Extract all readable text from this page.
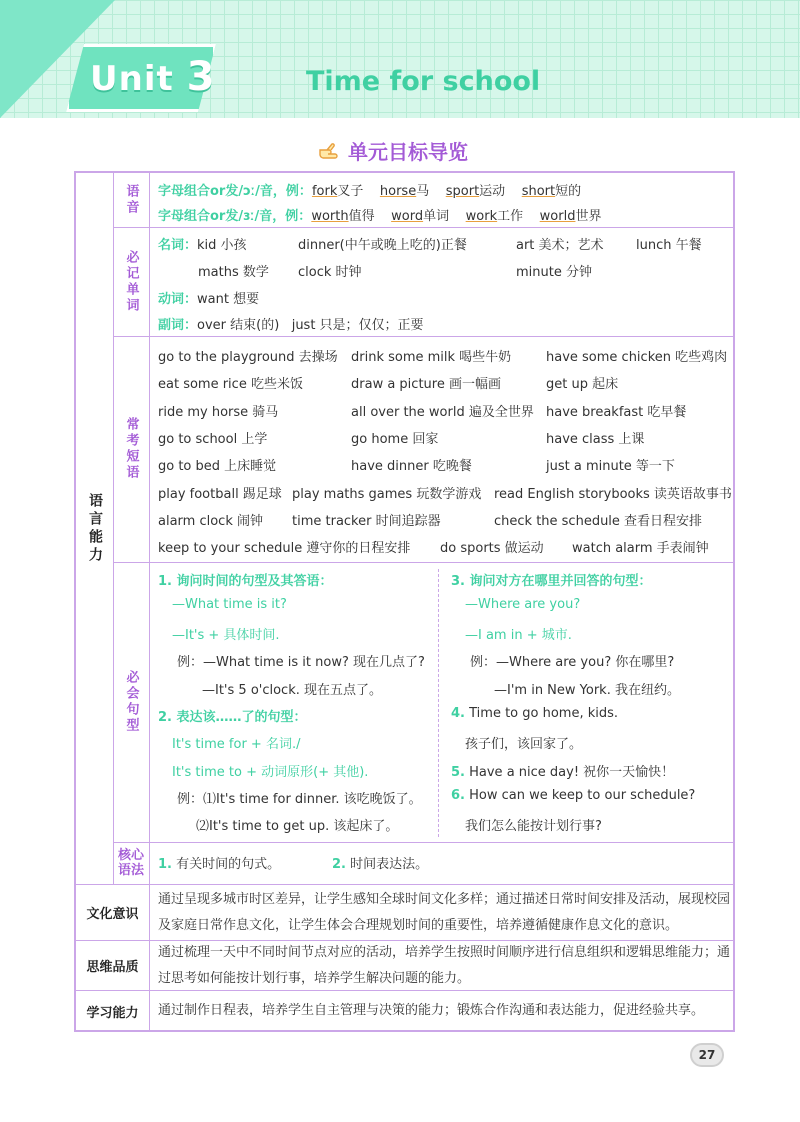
Unit 3	Time for school
单元目标导览
语言能力
语音 字母组合or发/ɔː/音，例：fork叉子 horse马 sport运动 short短的
字母组合or发/ɜː/音，例：worth值得 word单词 work工作 world世界
必记单词
名词：kid 小孩	dinner(中午或晚上吃的)正餐	art 美术；艺术 lunch 午餐
maths 数学 clock 时钟	minute 分钟
动词：want 想要
副词：over 结束(的) just 只是；仅仅；正要
常考短语
go to the playground 去操场 drink some milk 喝些牛奶	have some chicken 吃些鸡肉
eat some rice 吃些米饭	draw a picture 画一幅画	get up 起床
ride my horse 骑马	all over the world 遍及全世界 have breakfast 吃早餐
go to school 上学	go home 回家	have class 上课
go to bed 上床睡觉	have dinner 吃晚餐	just a minute 等一下
play football 踢足球 play maths games 玩数学游戏 read English storybooks 读英语故事书
alarm clock 闹钟 time tracker 时间追踪器	check the schedule 查看日程安排
keep to your schedule 遵守你的日程安排 do sports 做运动 watch alarm 手表闹钟
必会句型
1. 询问时间的句型及其答语：
—What time is it?
—It's + 具体时间.
例：—What time is it now? 现在几点了?
—It's 5 o'clock. 现在五点了。
2. 表达该……了的句型：
It's time for + 名词./
It's time to + 动词原形(+ 其他).
例：⑴It's time for dinner. 该吃晚饭了。
⑵It's time to get up. 该起床了。
3. 询问对方在哪里并回答的句型：
—Where are you?
—I am in + 城市.
例：—Where are you? 你在哪里?
—I'm in New York. 我在纽约。
4. Time to go home, kids.
孩子们，该回家了。
5. Have a nice day! 祝你一天愉快！
6. How can we keep to our schedule?
我们怎么能按计划行事?
核心语法 1. 有关时间的句式。	2. 时间表达法。
文化意识
通过呈现多城市时区差异，让学生感知全球时间文化多样；通过描述日常时间安排及活动，展现校园及家庭日常作息文化，让学生体会合理规划时间的重要性，培养遵循健康作息文化的意识。
思维品质
通过梳理一天中不同时间节点对应的活动，培养学生按照时间顺序进行信息组织和逻辑思维能力；通过思考如何能按计划行事，培养学生解决问题的能力。
学习能力	通过制作日程表，培养学生自主管理与决策的能力；锻炼合作沟通和表达能力，促进经验共享。
27
